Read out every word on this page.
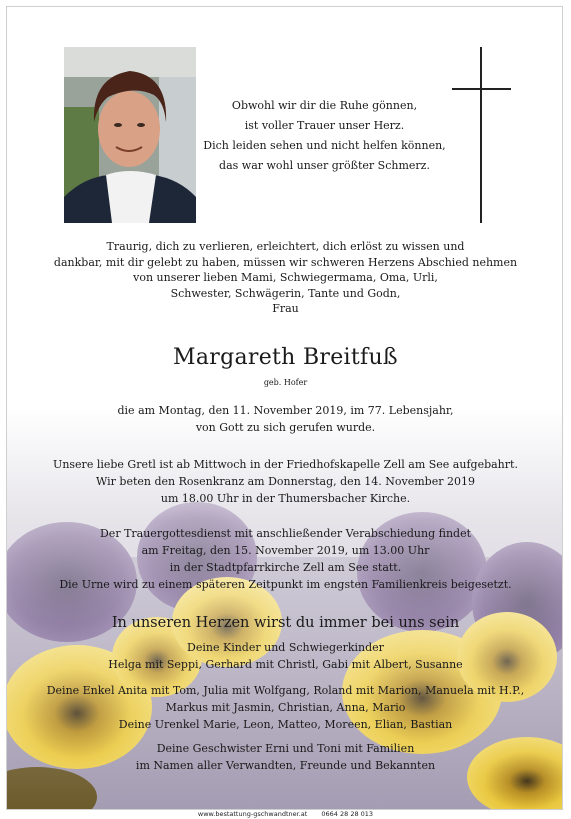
Obwohl wir dir die Ruhe gönnen,
ist voller Trauer unser Herz.
Dich leiden sehen und nicht helfen können,
das war wohl unser größter Schmerz.
Traurig, dich zu verlieren, erleichtert, dich erlöst zu wissen und
dankbar, mit dir gelebt zu haben, müssen wir schweren Herzens Abschied nehmen
von unserer lieben Mami, Schwiegermama, Oma, Urli,
Schwester, Schwägerin, Tante und Godn,
Frau
Margareth Breitfuß
geb. Hofer
die am Montag, den 11. November 2019, im 77. Lebensjahr,
von Gott zu sich gerufen wurde.
Unsere liebe Gretl ist ab Mittwoch in der Friedhofskapelle Zell am See aufgebahrt.
Wir beten den Rosenkranz am Donnerstag, den 14. November 2019
um 18.00 Uhr in der Thumersbacher Kirche.
Der Trauergottesdienst mit anschließender Verabschiedung findet
am Freitag, den 15. November 2019, um 13.00 Uhr
in der Stadtpfarrkirche Zell am See statt.
Die Urne wird zu einem späteren Zeitpunkt im engsten Familienkreis beigesetzt.
In unseren Herzen wirst du immer bei uns sein
Deine Kinder und Schwiegerkinder
Helga mit Seppi, Gerhard mit Christl, Gabi mit Albert, Susanne
Deine Enkel Anita mit Tom, Julia mit Wolfgang, Roland mit Marion, Manuela mit H.P.,
Markus mit Jasmin, Christian, Anna, Mario
Deine Urenkel Marie, Leon, Matteo, Moreen, Elian, Bastian
Deine Geschwister Erni und Toni mit Familien
im Namen aller Verwandten, Freunde und Bekannten
www.bestattung-gschwandtner.at 0664 28 28 013
